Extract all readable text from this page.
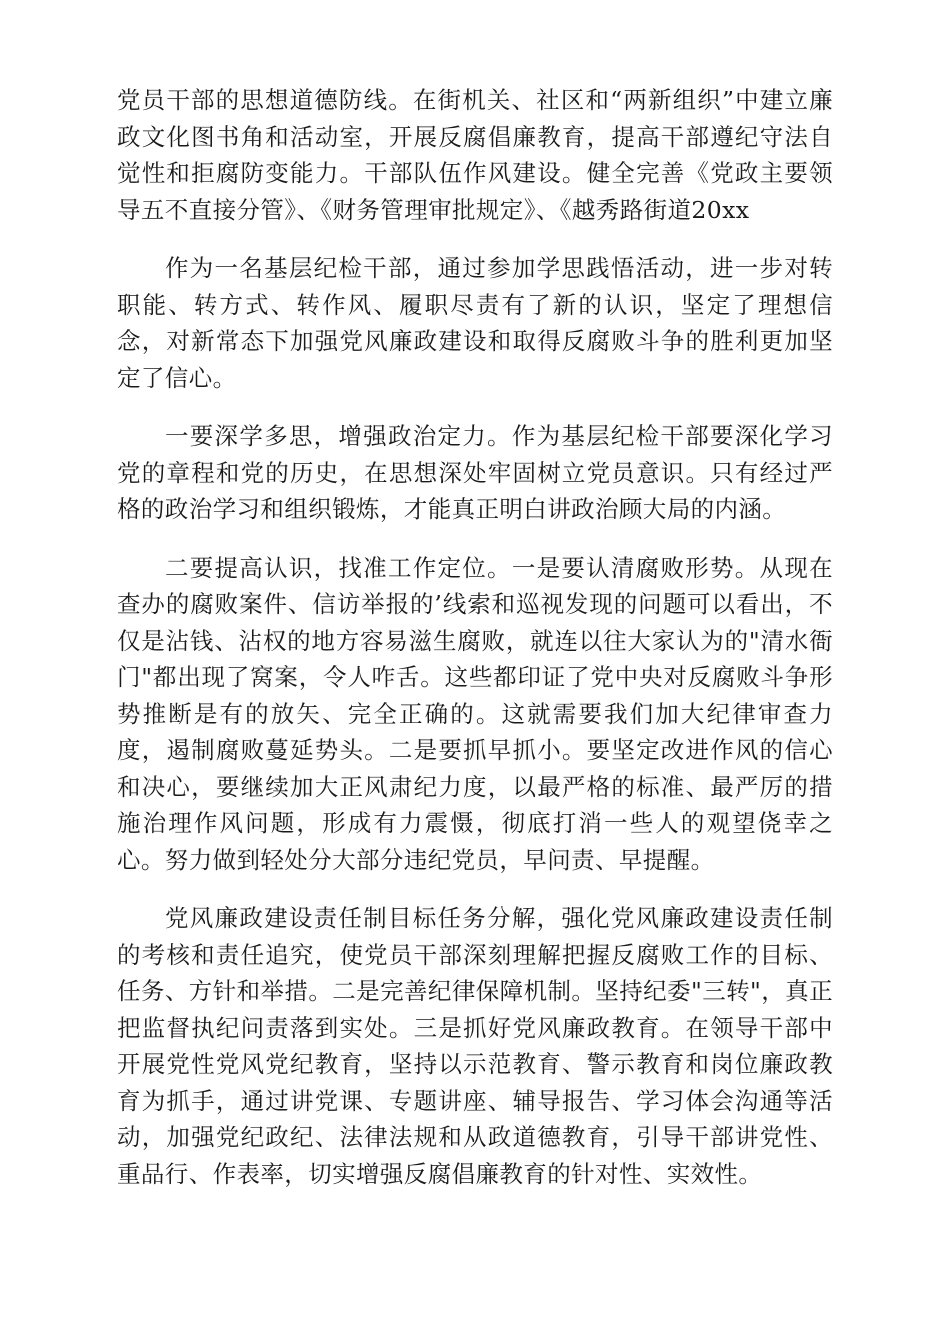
党员干部的思想道德防线。在街机关、社区和“两新组织”中建立廉政文化图书角和活动室，开展反腐倡廉教育，提高干部遵纪守法自觉性和拒腐防变能力。干部队伍作风建设。健全完善《党政主要领导五不直接分管》、《财务管理审批规定》、《越秀路街道20xx

作为一名基层纪检干部，通过参加学思践悟活动，进一步对转职能、转方式、转作风、履职尽责有了新的认识，坚定了理想信念，对新常态下加强党风廉政建设和取得反腐败斗争的胜利更加坚定了信心。

一要深学多思，增强政治定力。作为基层纪检干部要深化学习党的章程和党的历史，在思想深处牢固树立党员意识。只有经过严格的政治学习和组织锻炼，才能真正明白讲政治顾大局的内涵。

二要提高认识，找准工作定位。一是要认清腐败形势。从现在查办的腐败案件、信访举报的’线索和巡视发现的问题可以看出，不仅是沾钱、沾权的地方容易滋生腐败，就连以往大家认为的"清水衙门"都出现了窝案，令人咋舌。这些都印证了党中央对反腐败斗争形势推断是有的放矢、完全正确的。这就需要我们加大纪律审查力度，遏制腐败蔓延势头。二是要抓早抓小。要坚定改进作风的信心和决心，要继续加大正风肃纪力度，以最严格的标准、最严厉的措施治理作风问题，形成有力震慑，彻底打消一些人的观望侥幸之心。努力做到轻处分大部分违纪党员，早问责、早提醒。

党风廉政建设责任制目标任务分解，强化党风廉政建设责任制的考核和责任追究，使党员干部深刻理解把握反腐败工作的目标、任务、方针和举措。二是完善纪律保障机制。坚持纪委"三转"，真正把监督执纪问责落到实处。三是抓好党风廉政教育。在领导干部中开展党性党风党纪教育，坚持以示范教育、警示教育和岗位廉政教育为抓手，通过讲党课、专题讲座、辅导报告、学习体会沟通等活动，加强党纪政纪、法律法规和从政道德教育，引导干部讲党性、重品行、作表率，切实增强反腐倡廉教育的针对性、实效性。
